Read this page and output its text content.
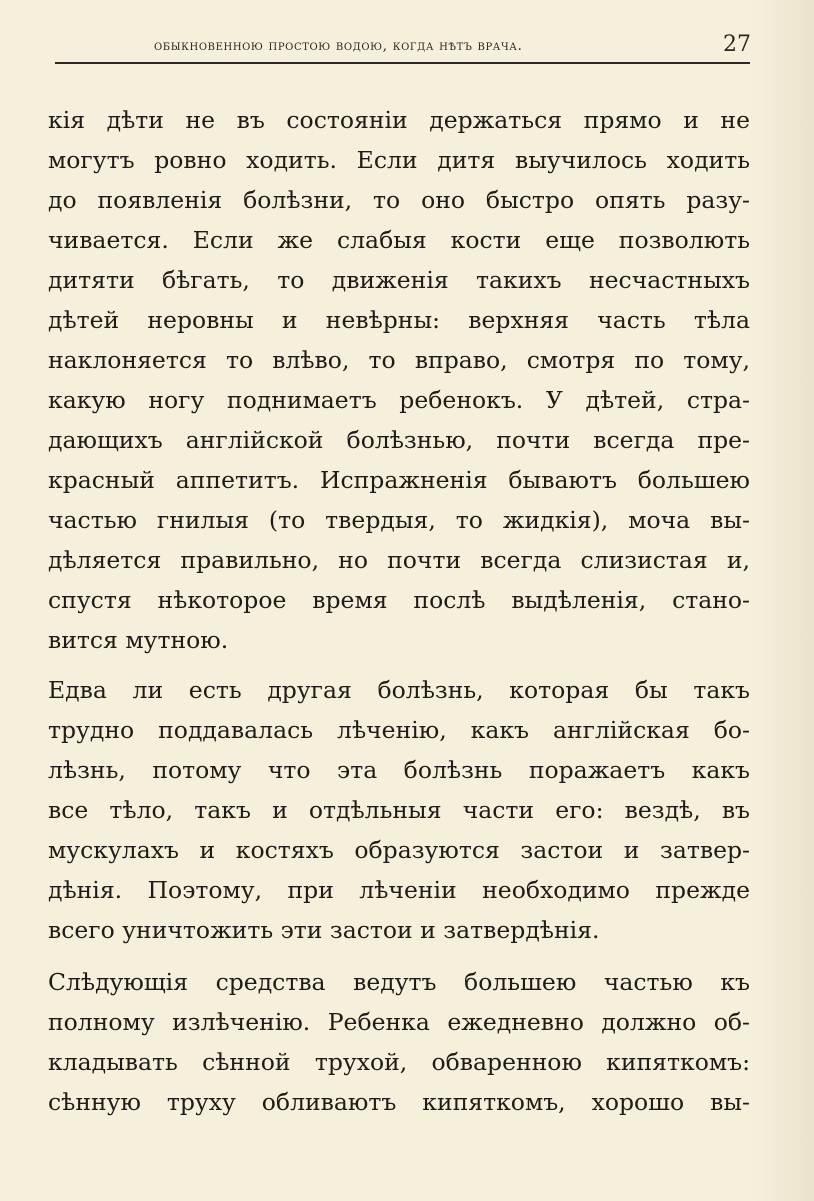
обыкновенною простою водою, когда нѣтъ врача.	27
кія дѣти не въ состояніи держаться прямо и не
могутъ ровно ходить. Если дитя выучилось ходить
до появленія болѣзни, то оно быстро опять разу-
чивается. Если же слабыя кости еще позволють
дитяти бѣгать, то движенія такихъ несчастныхъ
дѣтей неровны и невѣрны: верхняя часть тѣла
наклоняется то влѣво, то вправо, смотря по тому,
какую ногу поднимаетъ ребенокъ. У дѣтей, стра-
дающихъ англійской болѣзнью, почти всегда пре-
красный аппетитъ. Испражненія бываютъ большею
частью гнилыя (то твердыя, то жидкія), моча вы-
дѣляется правильно, но почти всегда слизистая и,
спустя нѣкоторое время послѣ выдѣленія, стано-
вится мутною.
Едва ли есть другая болѣзнь, которая бы такъ
трудно поддавалась лѣченію, какъ англійская бо-
лѣзнь, потому что эта болѣзнь поражаетъ какъ
все тѣло, такъ и отдѣльныя части его: вездѣ, въ
мускулахъ и костяхъ образуются застои и затвер-
дѣнія. Поэтому, при лѣченіи необходимо прежде
всего уничтожить эти застои и затвердѣнія.
Слѣдующія средства ведутъ большею частью къ
полному излѣченію. Ребенка ежедневно должно об-
кладывать сѣнной трухой, обваренною кипяткомъ:
сѣнную труху обливаютъ кипяткомъ, хорошо вы-
